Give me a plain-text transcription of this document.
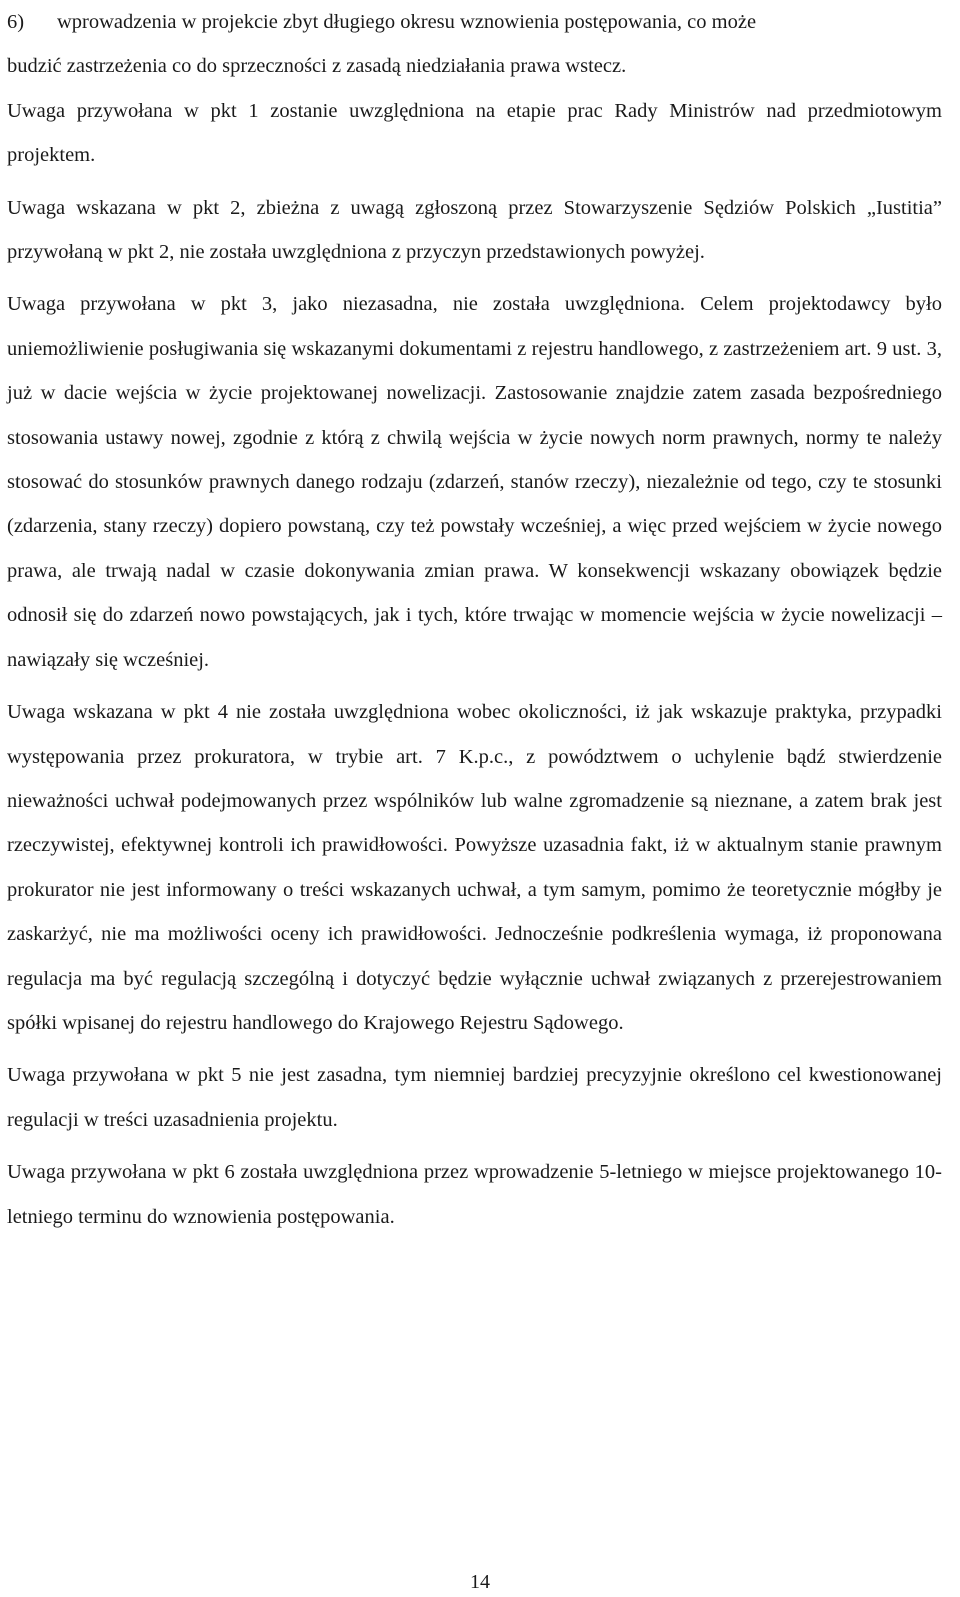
6) wprowadzenia w projekcie zbyt długiego okresu wznowienia postępowania, co może

budzić zastrzeżenia co do sprzeczności z zasadą niedziałania prawa wstecz.

Uwaga przywołana w pkt 1 zostanie uwzględniona na etapie prac Rady Ministrów nad przedmiotowym projektem.

Uwaga wskazana w pkt 2, zbieżna z uwagą zgłoszoną przez Stowarzyszenie Sędziów Polskich „Iustitia” przywołaną w pkt 2, nie została uwzględniona z przyczyn przedstawionych powyżej.

Uwaga przywołana w pkt 3, jako niezasadna, nie została uwzględniona. Celem projektodawcy było uniemożliwienie posługiwania się wskazanymi dokumentami z rejestru handlowego, z zastrzeżeniem art. 9 ust. 3, już w dacie wejścia w życie projektowanej nowelizacji. Zastosowanie znajdzie zatem zasada bezpośredniego stosowania ustawy nowej, zgodnie z którą z chwilą wejścia w życie nowych norm prawnych, normy te należy stosować do stosunków prawnych danego rodzaju (zdarzeń, stanów rzeczy), niezależnie od tego, czy te stosunki (zdarzenia, stany rzeczy) dopiero powstaną, czy też powstały wcześniej, a więc przed wejściem w życie nowego prawa, ale trwają nadal w czasie dokonywania zmian prawa. W konsekwencji wskazany obowiązek będzie odnosił się do zdarzeń nowo powstających, jak i tych, które trwając w momencie wejścia w życie nowelizacji – nawiązały się wcześniej.

Uwaga wskazana w pkt 4 nie została uwzględniona wobec okoliczności, iż jak wskazuje praktyka, przypadki występowania przez prokuratora, w trybie art. 7 K.p.c., z powództwem o uchylenie bądź stwierdzenie nieważności uchwał podejmowanych przez wspólników lub walne zgromadzenie są nieznane, a zatem brak jest rzeczywistej, efektywnej kontroli ich prawidłowości. Powyższe uzasadnia fakt, iż w aktualnym stanie prawnym prokurator nie jest informowany o treści wskazanych uchwał, a tym samym, pomimo że teoretycznie mógłby je zaskarżyć, nie ma możliwości oceny ich prawidłowości. Jednocześnie podkreślenia wymaga, iż proponowana regulacja ma być regulacją szczególną i dotyczyć będzie wyłącznie uchwał związanych z przerejestrowaniem spółki wpisanej do rejestru handlowego do Krajowego Rejestru Sądowego.

Uwaga przywołana w pkt 5 nie jest zasadna, tym niemniej bardziej precyzyjnie określono cel kwestionowanej regulacji w treści uzasadnienia projektu.

Uwaga przywołana w pkt 6 została uwzględniona przez wprowadzenie 5-letniego w miejsce projektowanego 10-letniego terminu do wznowienia postępowania.

14
